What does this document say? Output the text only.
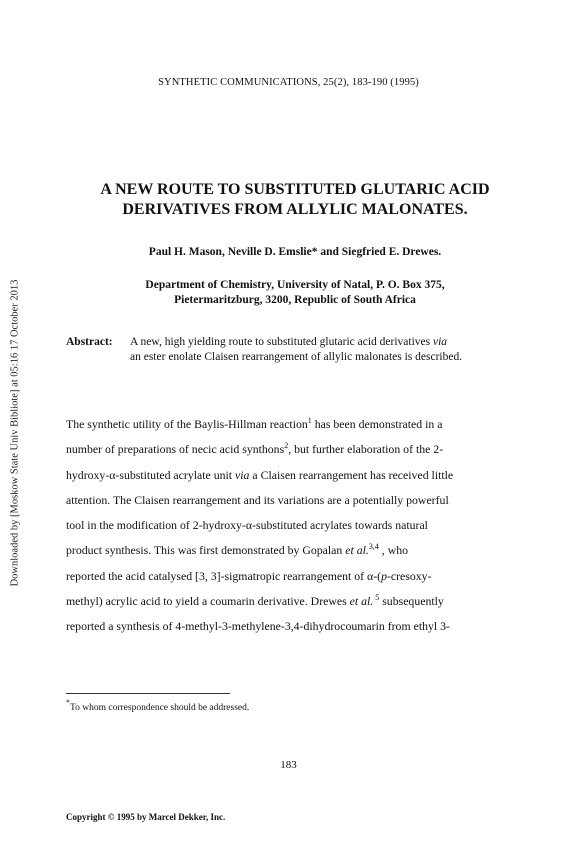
Downloaded by [Moskow State Univ Bibliote] at 05:16 17 October 2013
SYNTHETIC COMMUNICATIONS, 25(2), 183-190 (1995)
A NEW ROUTE TO SUBSTITUTED GLUTARIC ACID
DERIVATIVES FROM ALLYLIC MALONATES.
Paul H. Mason, Neville D. Emslie* and Siegfried E. Drewes.
Department of Chemistry, University of Natal, P. O. Box 375,
Pietermaritzburg, 3200, Republic of South Africa
Abstract: A new, high yielding route to substituted glutaric acid derivatives via
an ester enolate Claisen rearrangement of allylic malonates is described.
The synthetic utility of the Baylis-Hillman reaction$^1$ has been demonstrated in a
number of preparations of necic acid synthons$^2$, but further elaboration of the 2-
hydroxy-α-substituted acrylate unit via a Claisen rearrangement has received little
attention. The Claisen rearrangement and its variations are a potentially powerful
tool in the modification of 2-hydroxy-α-substituted acrylates towards natural
product synthesis. This was first demonstrated by Gopalan et al.$^{3,4}$ , who
reported the acid catalysed [3, 3]-sigmatropic rearrangement of α-(p-cresoxy-
methyl) acrylic acid to yield a coumarin derivative. Drewes et al. $^5$ subsequently
reported a synthesis of 4-methyl-3-methylene-3,4-dihydrocoumarin from ethyl 3-
*To whom correspondence should be addressed.
183
Copyright © 1995 by Marcel Dekker, Inc.
